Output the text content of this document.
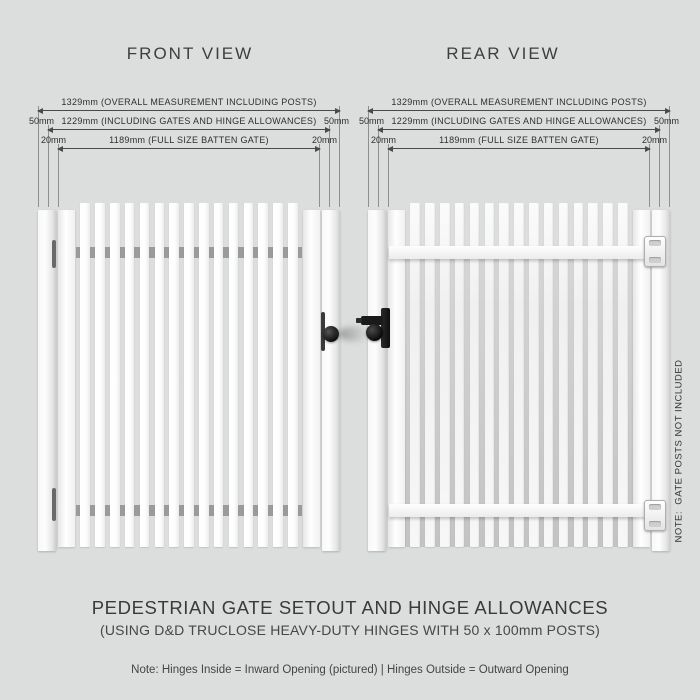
FRONT VIEW	REAR VIEW
1329mm (OVERALL MEASUREMENT INCLUDING POSTS)
50mm 1229mm (INCLUDING GATES AND HINGE ALLOWANCES) 50mm
20mm	1189mm (FULL SIZE BATTEN GATE)	20mm
1329mm (OVERALL MEASUREMENT INCLUDING POSTS)
50mm 1229mm (INCLUDING GATES AND HINGE ALLOWANCES) 50mm
20mm	1189mm (FULL SIZE BATTEN GATE)	20mm
NOTE:  GATE POSTS NOT INCLUDED
PEDESTRIAN GATE SETOUT AND HINGE ALLOWANCES
(USING D&D TRUCLOSE HEAVY-DUTY HINGES WITH 50 x 100mm POSTS)
Note: Hinges Inside = Inward Opening (pictured) | Hinges Outside = Outward Opening
